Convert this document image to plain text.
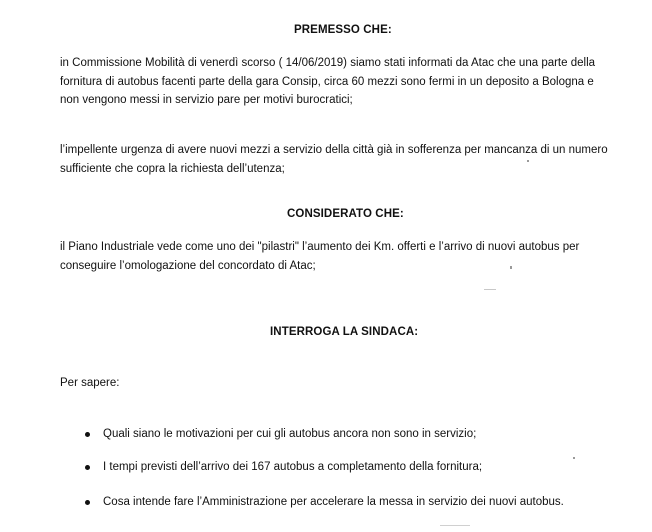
PREMESSO CHE:
in Commissione Mobilità di venerdì scorso ( 14/06/2019) siamo stati informati da Atac che una parte della
fornitura di autobus facenti parte della gara Consip, circa 60 mezzi sono fermi in un deposito a Bologna e
non vengono messi in servizio pare per motivi burocratici;
l’impellente urgenza di avere nuovi mezzi a servizio della città già in sofferenza per mancanza di un numero
sufficiente che copra la richiesta dell’utenza;
CONSIDERATO CHE:
il Piano Industriale vede come uno dei "pilastri" l’aumento dei Km. offerti e l’arrivo di nuovi autobus per
conseguire l’omologazione del concordato di Atac;
INTERROGA LA SINDACA:
Per sapere:
Quali siano le motivazioni per cui gli autobus ancora non sono in servizio;
I tempi previsti dell’arrivo dei 167 autobus a completamento della fornitura;
Cosa intende fare l’Amministrazione per accelerare la messa in servizio dei nuovi autobus.
